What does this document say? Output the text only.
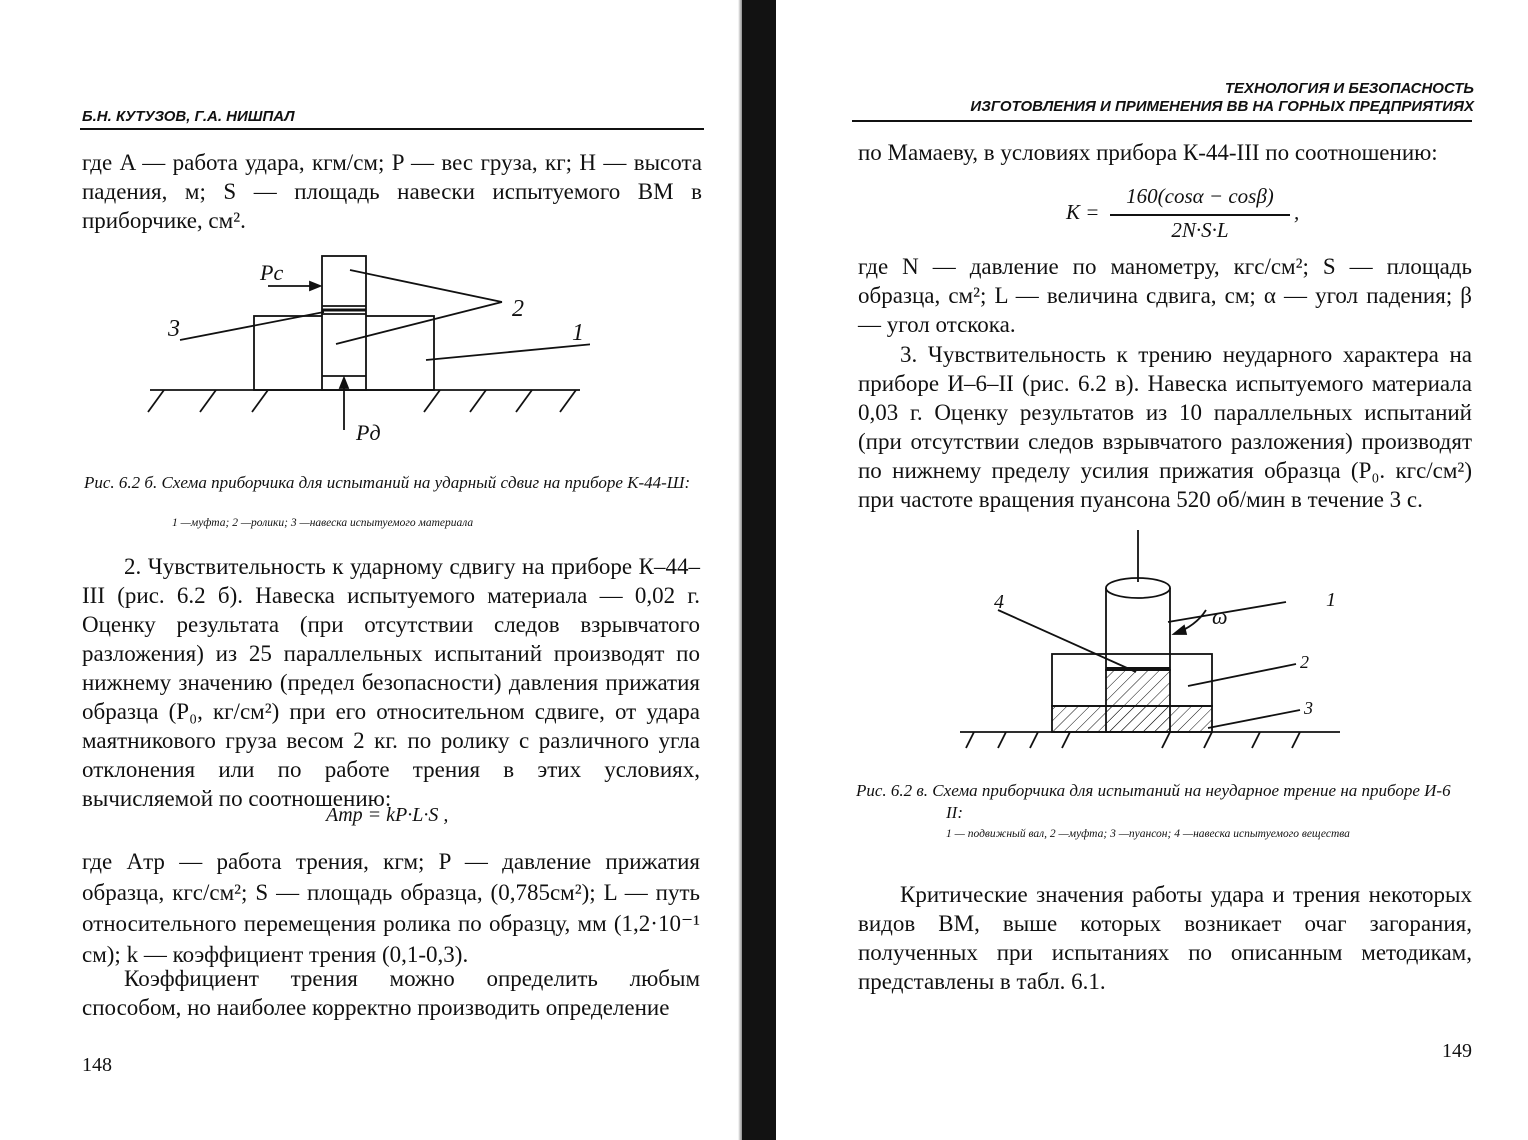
Б.Н. КУТУЗОВ, Г.А. НИШПАЛ

где A — работа удара, кгм/см; P — вес груза, кг; H — высота падения, м; S — площадь навески испытуемого ВМ в приборчике, см².

Pc
Pд
2
3	1
Рис. 6.2 б. Схема приборчика для испытаний на ударный сдвиг на приборе К-44-Ш:
1 —муфта; 2 —ролики; 3 —навеска испытуемого материала

2. Чувствительность к ударному сдвигу на приборе К–44–III (рис. 6.2 б). Навеска испытуемого материала — 0,02 г. Оценку результата (при отсутствии следов взрывчатого разложения) из 25 параллельных испытаний производят по нижнему значению (предел безопасности) давления прижатия образца (P₀, кг/см²) при его относительном сдвиге, от удара маятникового груза весом 2 кг. по ролику с различного угла отклонения или по работе трения в этих условиях, вычисляемой по соотношению:

Aтр = kP·L·S ,

где Aтр — работа трения, кгм; P — давление прижатия образца, кгс/см²; S — площадь образца, (0,785см²); L — путь относительного перемещения ролика по образцу, мм (1,2·10⁻¹ см); k — коэффициент трения (0,1-0,3).

Коэффициент трения можно определить любым способом, но наиболее корректно производить определение

148
ТЕХНОЛОГИЯ И БЕЗОПАСНОСТЬ
ИЗГОТОВЛЕНИЯ И ПРИМЕНЕНИЯ ВВ НА ГОРНЫХ ПРЕДПРИЯТИЯХ

по Мамаеву, в условиях прибора К-44-III по соотношению:

K =
160(cosα − cosβ)
2N·S·L
,

где N — давление по манометру, кгс/см²; S — площадь образца, см²; L — величина сдвига, см; α — угол падения; β — угол отскока.

3. Чувствительность к трению неударного характера на приборе И–6–II (рис. 6.2 в). Навеска испытуемого материала 0,03 г. Оценку результатов из 10 параллельных испытаний (при отсутствии следов взрывчатого разложения) производят по нижнему пределу усилия прижатия образца (P₀. кгс/см²) при частоте вращения пуансона 520 об/мин в течение 3 с.

ω
4	1
2
3
Рис. 6.2 в. Схема приборчика для испытаний на неударное трение на приборе И-6 II:
1 — подвижный вал, 2 —муфта; 3 —пуансон; 4 —навеска испытуемого вещества

Критические значения работы удара и трения некоторых видов ВМ, выше которых возникает очаг загорания, полученных при испытаниях по описанным методикам, представлены в табл. 6.1.

149
